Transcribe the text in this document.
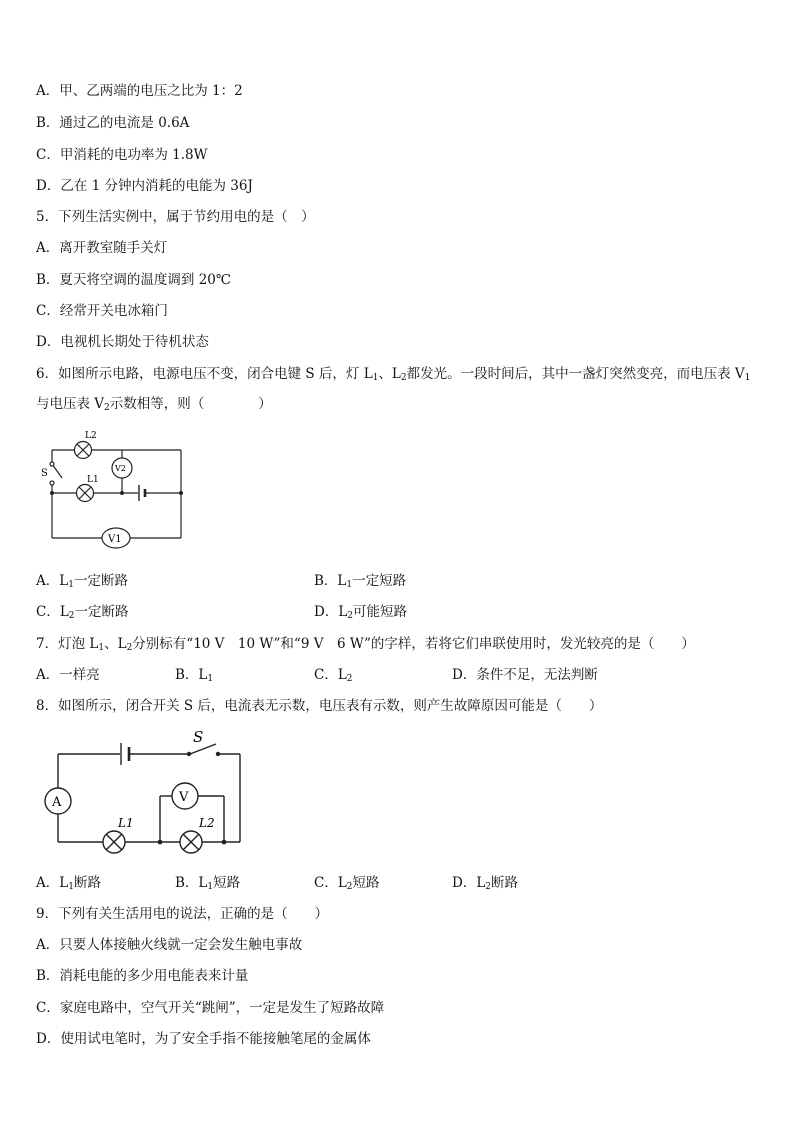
A．甲、乙两端的电压之比为 1：2
B．通过乙的电流是 0.6A
C．甲消耗的电功率为 1.8W
D．乙在 1 分钟内消耗的电能为 36J
5．下列生活实例中，属于节约用电的是（　）
A．离开教室随手关灯
B．夏天将空调的温度调到 20℃
C．经常开关电冰箱门
D．电视机长期处于待机状态
6．如图所示电路，电源电压不变，闭合电键 S 后，灯 $L_1$、$L_2$都发光。一段时间后，其中一盏灯突然变亮，而电压表 $V_1$
与电压表 $V_2$示数相等，则（　　　　）
L2
L1
S	V2
V1
A．$L_1$一定断路	B．$L_1$一定短路
C．$L_2$一定断路	D．$L_2$可能短路
7．灯泡 $L_1$、$L_2$分别标有“10 V　10 W”和“9 V　6 W”的字样，若将它们串联使用时，发光较亮的是（　　）
A．一样亮	B．$L_1$	C．$L_2$	D．条件不足，无法判断
8．如图所示，闭合开关 S 后，电流表无示数，电压表有示数，则产生故障原因可能是（　　）
S
A	V
L1	L2
A．$L_1$断路	B．$L_1$短路	C．$L_2$短路	D．$L_2$断路
9．下列有关生活用电的说法，正确的是（　　）
A．只要人体接触火线就一定会发生触电事故
B．消耗电能的多少用电能表来计量
C．家庭电路中，空气开关“跳闸”，一定是发生了短路故障
D．使用试电笔时，为了安全手指不能接触笔尾的金属体
